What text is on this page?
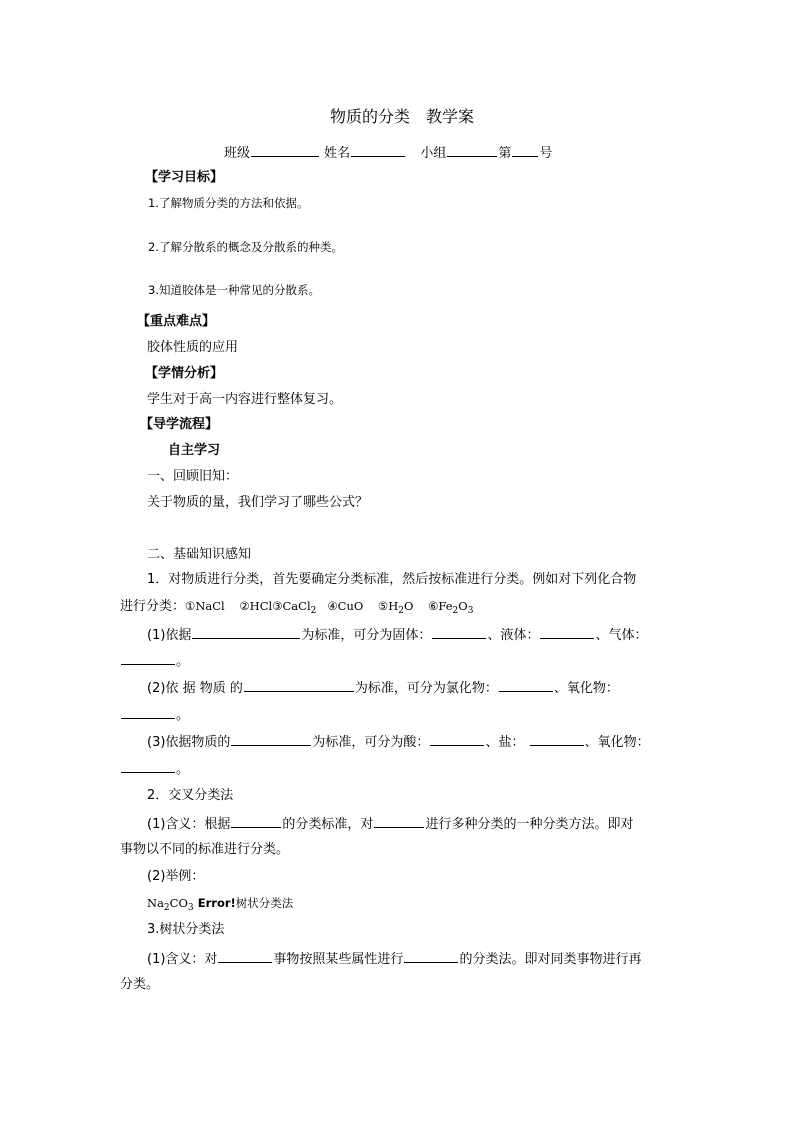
物质的分类　教学案
班级	姓名	小组	第 号
【学习目标】
1.了解物质分类的方法和依据。
2.了解分散系的概念及分散系的种类。
3.知道胶体是一种常见的分散系。
【重点难点】
胶体性质的应用
【学情分析】
学生对于高一内容进行整体复习。
【导学流程】
自主学习
一、回顾旧知：
关于物质的量，我们学习了哪些公式？
二、基础知识感知
1．对物质进行分类，首先要确定分类标准，然后按标准进行分类。例如对下列化合物
进行分类：①NaCl ②HCl③CaCl$_2$ ④CuO $⑤H_2O$ $⑥Fe_2O_3$
(1)依据	为标准，可分为固体：	、液体：	、气体：
。
(2)依 据 物质 的	为标准，可分为氯化物：	、氧化物：
。
(3)依据物质的	为标准，可分为酸：	、盐：	、氧化物：
。
2．交叉分类法
(1)含义：根据	的分类标准，对	进行多种分类的一种分类方法。即对
事物以不同的标准进行分类。
(2)举例：
$Na_2CO_3$ Error!树状分类法
3.树状分类法
(1)含义：对	事物按照某些属性进行	的分类法。即对同类事物进行再
分类。
